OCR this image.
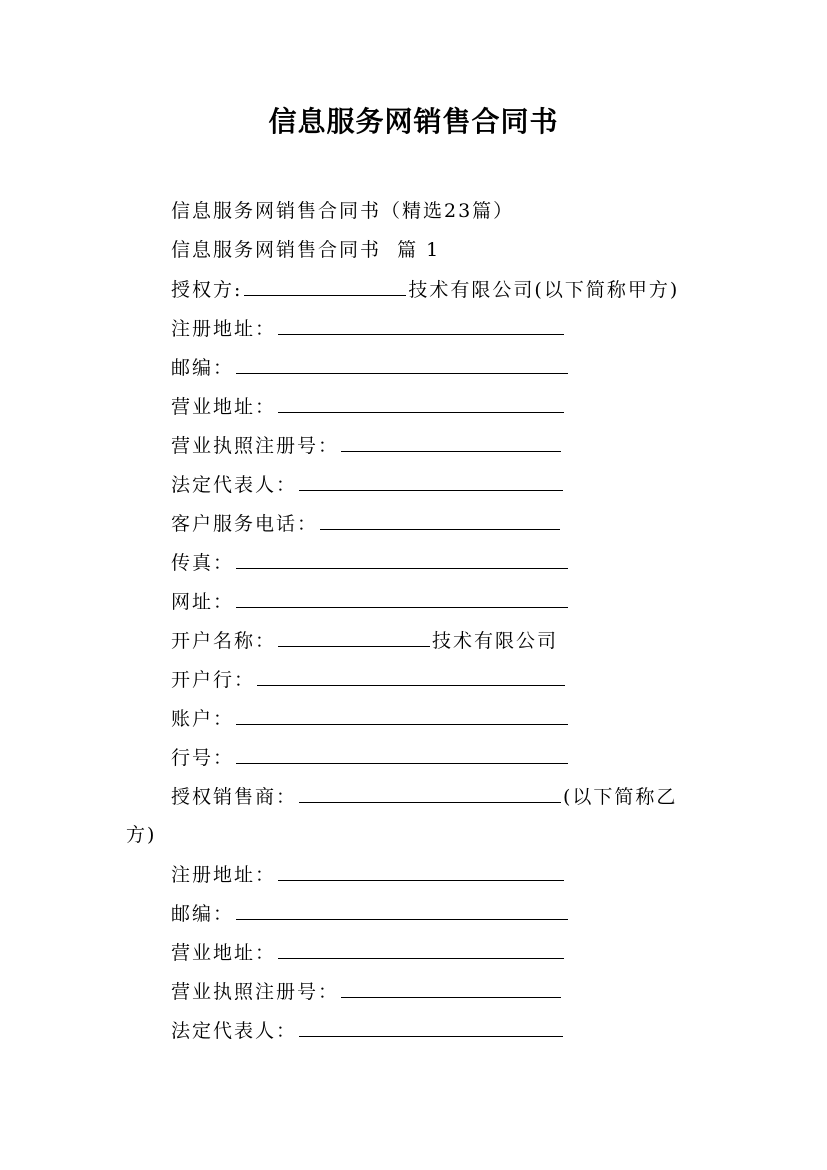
信息服务网销售合同书
信息服务网销售合同书（精选23篇）
信息服务网销售合同书  篇 1
授权方:	技术有限公司(以下简称甲方)
注册地址：
邮编：
营业地址：
营业执照注册号：
法定代表人：
客户服务电话：
传真：
网址：
开户名称：	技术有限公司
开户行：
账户：
行号：
授权销售商：	(以下简称乙
方)
注册地址：
邮编：
营业地址：
营业执照注册号：
法定代表人：
